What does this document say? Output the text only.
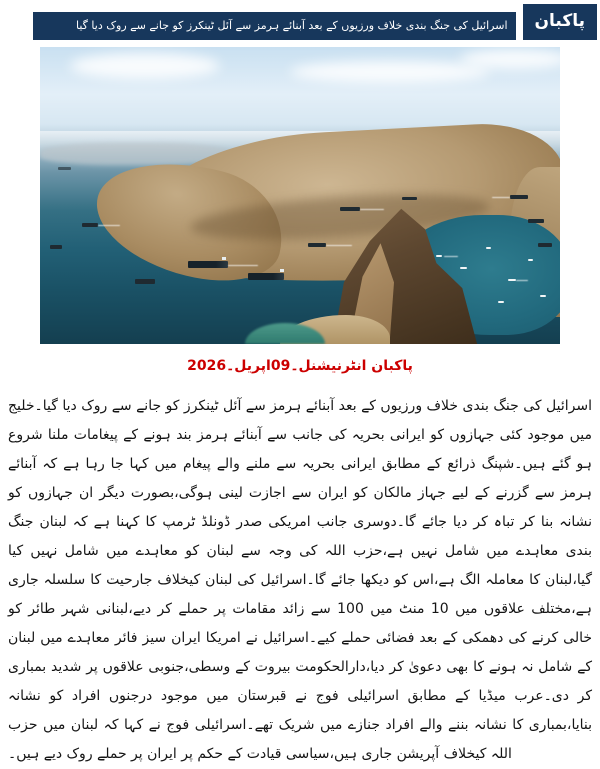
پاکبان
اسرائیل کی جنگ بندی خلاف ورزیوں کے بعد آبنائے ہرمز سے آئل ٹینکرز کو جانے سے روک دیا گیا
پاکبان انٹرنیشنل۔09اپریل۔2026
اسرائیل کی جنگ بندی خلاف ورزیوں کے بعد آبنائے ہرمز سے آئل ٹینکرز کو جانے سے روک دیا گیا۔خلیج میں موجود کئی جہازوں کو ایرانی بحریہ کی جانب سے آبنائے ہرمز بند ہونے کے پیغامات ملنا شروع ہو گئے ہیں۔شپنگ ذرائع کے مطابق ایرانی بحریہ سے ملنے والے پیغام میں کہا جا رہا ہے کہ آبنائے ہرمز سے گزرنے کے لیے جہاز مالکان کو ایران سے اجازت لینی ہوگی،بصورت دیگر ان جہازوں کو نشانہ بنا کر تباہ کر دیا جائے گا۔دوسری جانب امریکی صدر ڈونلڈ ٹرمپ کا کہنا ہے کہ لبنان جنگ بندی معاہدے میں شامل نہیں ہے،حزب اللہ کی وجہ سے لبنان کو معاہدے میں شامل نہیں کیا گیا،لبنان کا معاملہ الگ ہے،اس کو دیکھا جائے گا۔اسرائیل کی لبنان کیخلاف جارحیت کا سلسلہ جاری ہے،مختلف علاقوں میں 10 منٹ میں 100 سے زائد مقامات پر حملے کر دیے،لبنانی شہر طائر کو خالی کرنے کی دھمکی کے بعد فضائی حملے کیے۔اسرائیل نے امریکا ایران سیز فائر معاہدے میں لبنان کے شامل نہ ہونے کا بھی دعویٰ کر دیا،دارالحکومت بیروت کے وسطی،جنوبی علاقوں پر شدید بمباری کر دی۔عرب میڈیا کے مطابق اسرائیلی فوج نے قبرستان میں موجود درجنوں افراد کو نشانہ بنایا،بمباری کا نشانہ بننے والے افراد جنازے میں شریک تھے۔اسرائیلی فوج نے کہا کہ لبنان میں حزب اللہ کیخلاف آپریشن جاری ہیں،سیاسی قیادت کے حکم پر ایران پر حملے روک دیے ہیں۔
